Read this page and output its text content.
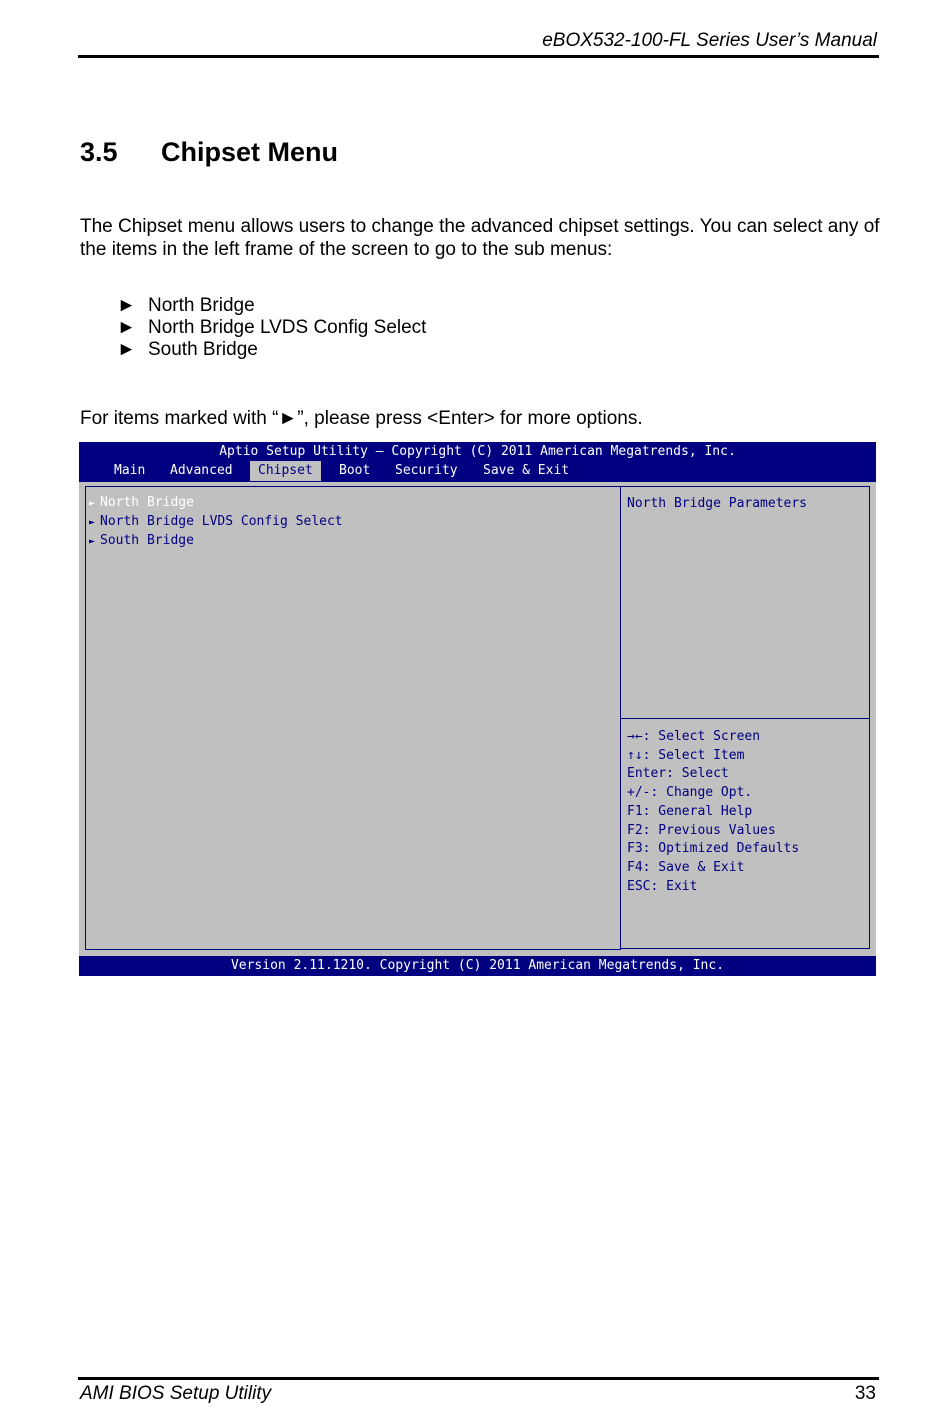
eBOX532-100-FL Series User’s Manual
3.5 Chipset Menu
The Chipset menu allows users to change the advanced chipset settings. You can select any of the items in the left frame of the screen to go to the sub menus:
► North Bridge
► North Bridge LVDS Config Select
► South Bridge
For items marked with “►”, please press <Enter> for more options.
Aptio Setup Utility – Copyright (C) 2011 American Megatrends, Inc.
Main Advanced	Chipset	Boot Security Save & Exit
► North Bridge
► North Bridge LVDS Config Select
► South Bridge
North Bridge Parameters
→←: Select Screen
↑↓: Select Item
Enter: Select
+/-: Change Opt.
F1: General Help
F2: Previous Values
F3: Optimized Defaults
F4: Save & Exit
ESC: Exit
Version 2.11.1210. Copyright (C) 2011 American Megatrends, Inc.
AMI BIOS Setup Utility	33
